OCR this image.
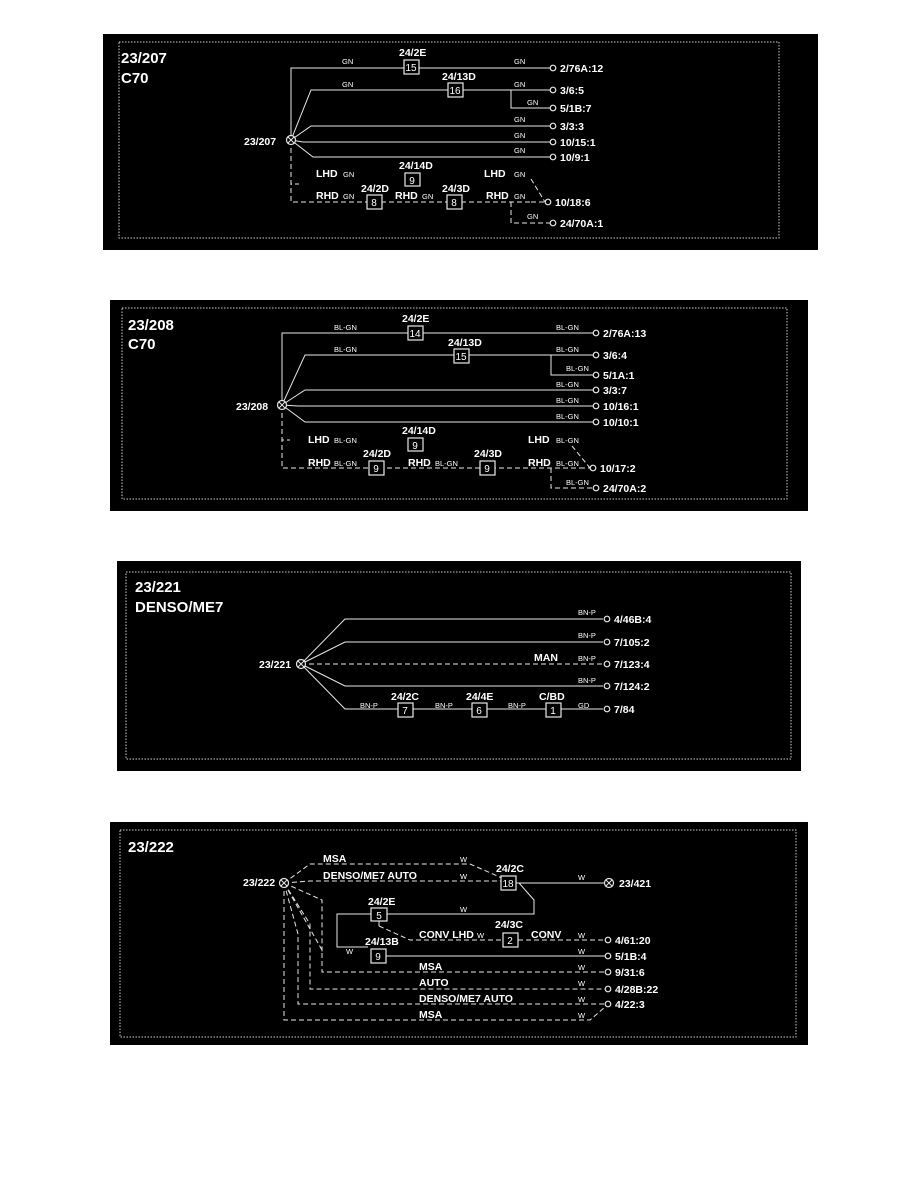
23/207
C70
23/207
24/2E
15
24/13D
16
24/14D
9
24/2D
8
24/3D
8
GN	GN
GN	GN
GN
GN
GN
GN
GN	GN
GN	GN	GN
GN
LHD	LHD
RHD	RHD	RHD
2/76A:12
3/6:5
5/1B:7
3/3:3
10/15:1
10/9:1
10/18:6
24/70A:1
23/208
C70
23/208
24/2E
14
24/13D
15
24/14D
9
24/2D
9
24/3D
9
BL-GN	BL-GN
BL-GN	BL-GN
BL-GN
BL-GN
BL-GN
BL-GN
BL-GN	BL-GN
BL-GN	BL-GN	BL-GN
BL-GN
LHD	LHD
RHD	RHD	RHD
2/76A:13
3/6:4
5/1A:1
3/3:7
10/16:1
10/10:1
10/17:2
24/70A:2
23/221
DENSO/ME7
23/221
24/2C
7
24/4E
6
C/BD
1
BN-P
BN-P
BN-P
BN-P
BN-P	BN-P	BN-P	GD
MAN
4/46B:4
7/105:2
7/123:4
7/124:2
7/84
23/222
23/222
24/2C
18
24/2E
5
24/3C
2
24/13B
9
W
W	W
W
W	W
W	W
W
W
W
W
MSA
DENSO/ME7 AUTO
CONV LHD	CONV
MSA
AUTO
DENSO/ME7 AUTO
MSA
23/421
4/61:20
5/1B:4
9/31:6
4/28B:22
4/22:3
